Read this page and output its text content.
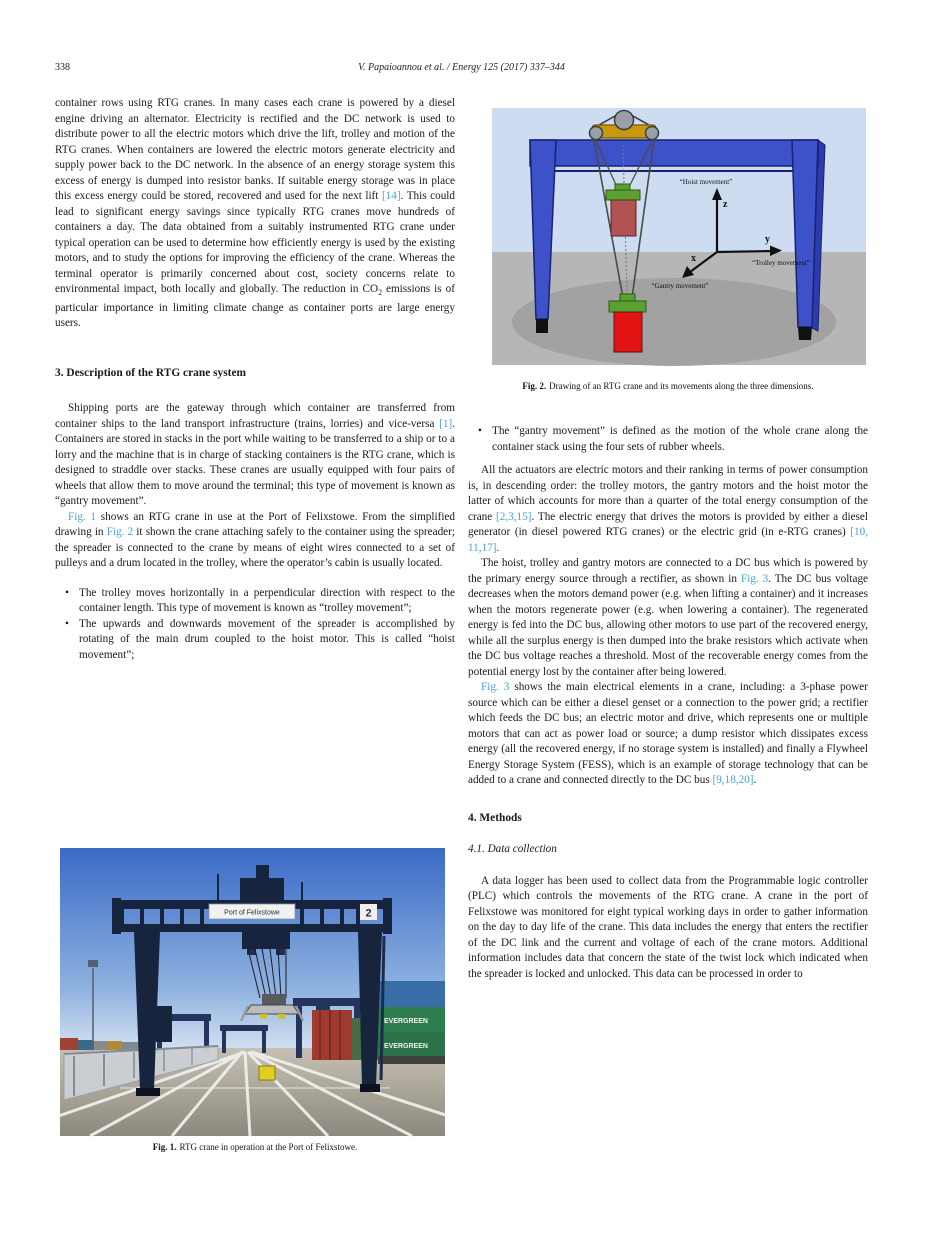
338	V. Papaioannou et al. / Energy 125 (2017) 337–344

container rows using RTG cranes. In many cases each crane is powered by a diesel engine driving an alternator. Electricity is rectified and the DC network is used to distribute power to all the electric motors which drive the lift, trolley and motion of the RTG cranes. When containers are lowered the electric motors generate electricity and supply power back to the DC network. In the absence of an energy storage system this excess of energy is dumped into resistor banks. If suitable energy storage was in place this excess energy could be stored, recovered and used for the next lift [14]. This could lead to significant energy savings since typically RTG cranes move hundreds of containers a day. The data obtained from a suitably instrumented RTG crane under typical operation can be used to determine how efficiently energy is used by the existing motors, and to study the options for improving the efficiency of the crane. Whereas the terminal operator is primarily concerned about cost, society concerns relate to environmental impact, both locally and globally. The reduction in $CO_2$ emissions is of particular importance in limiting climate change as container ports are large energy users.

3. Description of the RTG crane system

Shipping ports are the gateway through which container are transferred from container ships to the land transport infrastructure (trains, lorries) and vice-versa [1]. Containers are stored in stacks in the port while waiting to be transferred to a ship or to a lorry and the machine that is in charge of stacking containers is the RTG crane, which is designed to straddle over stacks. These cranes are usually equipped with four pairs of wheels that allow them to move around the terminal; this type of movement is known as “gantry movement”.

Fig. 1 shows an RTG crane in use at the Port of Felixstowe. From the simplified drawing in Fig. 2 it shown the crane attaching safely to the container using the spreader; the spreader is connected to the crane by means of eight wires connected to a set of pulleys and a drum located in the trolley, where the operator’s cabin is usually located.

• The trolley moves horizontally in a perpendicular direction with respect to the container length. This type of movement is known as “trolley movement”;
• The upwards and downwards movement of the spreader is accomplished by rotating of the main drum coupled to the hoist motor. This is called “hoist movement”;
EVERGREEN
EVERGREEN
Port of Felixstowe	2
Fig. 1. RTG crane in operation at the Port of Felixstowe.
z
y
x
“Hoist movement”
“Trolley movement”
“Gantry movement”
Fig. 2. Drawing of an RTG crane and its movements along the three dimensions.
• The “gantry movement” is defined as the motion of the whole crane along the container stack using the four sets of rubber wheels.

All the actuators are electric motors and their ranking in terms of power consumption is, in descending order: the trolley motors, the gantry motors and the hoist motor the latter of which accounts for more than a quarter of the total energy consumption of the crane [2,3,15]. The electric energy that drives the motors is provided by either a diesel generator (in diesel powered RTG cranes) or the electric grid (in e-RTG cranes) [10, 11,17].

The hoist, trolley and gantry motors are connected to a DC bus which is powered by the primary energy source through a rectifier, as shown in Fig. 3. The DC bus voltage decreases when the motors demand power (e.g. when lifting a container) and it increases when the motors regenerate power (e.g. when lowering a container). The regenerated energy is fed into the DC bus, allowing other motors to use part of the recovered energy, while all the surplus energy is then dumped into the brake resistors which activate when the DC bus voltage reaches a threshold. Most of the recoverable energy comes from the potential energy lost by the container after being lowered.

Fig. 3 shows the main electrical elements in a crane, including: a 3-phase power source which can be either a diesel genset or a connection to the power grid; a rectifier which feeds the DC bus; an electric motor and drive, which represents one or multiple motors that can act as power load or source; a dump resistor which dissipates excess energy (all the recovered energy, if no storage system is installed) and finally a Flywheel Energy Storage System (FESS), which is an example of storage technology that can be added to a crane and connected directly to the DC bus [9,18,20].

4. Methods
4.1. Data collection

A data logger has been used to collect data from the Programmable logic controller (PLC) which controls the movements of the RTG crane. A crane in the port of Felixstowe was monitored for eight typical working days in order to gather information on the day to day life of the crane. This data includes the energy that enters the rectifier of the DC link and the current and voltage of each of the crane motors. Additional information includes data that concern the state of the twist lock which indicated when the spreader is locked and unlocked. This data can be processed in order to
